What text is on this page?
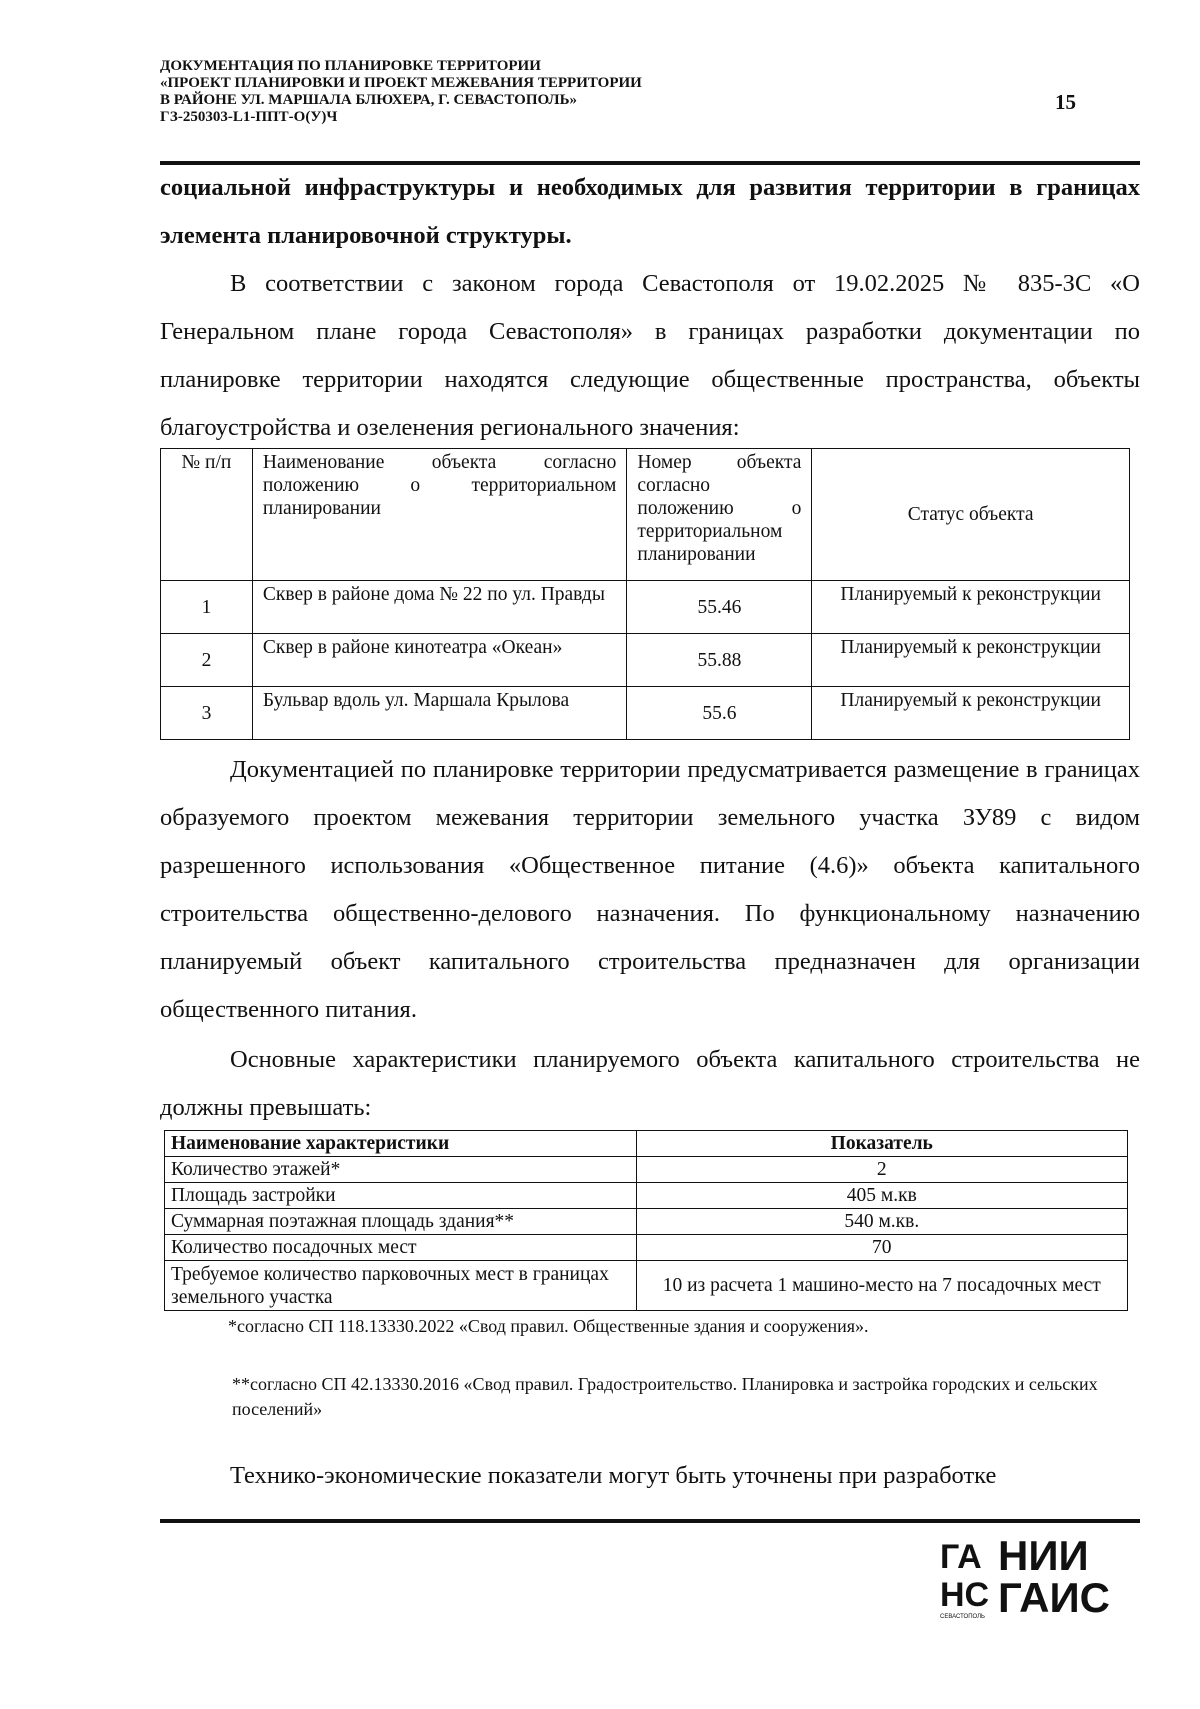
ДОКУМЕНТАЦИЯ ПО ПЛАНИРОВКЕ ТЕРРИТОРИИ
«ПРОЕКТ ПЛАНИРОВКИ И ПРОЕКТ МЕЖЕВАНИЯ ТЕРРИТОРИИ
В РАЙОНЕ УЛ. МАРШАЛА БЛЮХЕРА, Г. СЕВАСТОПОЛЬ»
ГЗ-250303-L1-ППТ-О(У)Ч
15
социальной инфраструктуры и необходимых для развития территории в границах элемента планировочной структуры.
В соответствии с законом города Севастополя от 19.02.2025 № 835-ЗС «О Генеральном плане города Севастополя» в границах разработки документации по планировке территории находятся следующие общественные пространства, объекты благоустройства и озеленения регионального значения:
№ п/п	Наименование объекта согласно положению о территориальном планировании	Номер объекта согласно положению о территориальном планировании	Статус объекта
1	Сквер в районе дома № 22 по ул. Правды	55.46	Планируемый к реконструкции
2	Сквер в районе кинотеатра «Океан»	55.88	Планируемый к реконструкции
3	Бульвар вдоль ул. Маршала Крылова	55.6	Планируемый к реконструкции
Документацией по планировке территории предусматривается размещение в границах образуемого проектом межевания территории земельного участка ЗУ89 с видом разрешенного использования «Общественное питание (4.6)» объекта капитального строительства общественно-делового назначения. По функциональному назначению планируемый объект капитального строительства предназначен для организации общественного питания.
Основные характеристики планируемого объекта капитального строительства не должны превышать:
Наименование характеристики	Показатель
Количество этажей*	2
Площадь застройки	405 м.кв
Суммарная поэтажная площадь здания**	540 м.кв.
Количество посадочных мест	70
Требуемое количество парковочных мест в границах земельного участка	10 из расчета 1 машино-место на 7 посадочных мест
*согласно СП 118.13330.2022 «Свод правил. Общественные здания и сооружения».
**согласно СП 42.13330.2016 «Свод правил. Градостроительство. Планировка и застройка городских и сельских поселений»
Технико-экономические показатели могут быть уточнены при разработке
ГА
НС
СЕВАСТОПОЛЬ
НИИ
ГАИС
